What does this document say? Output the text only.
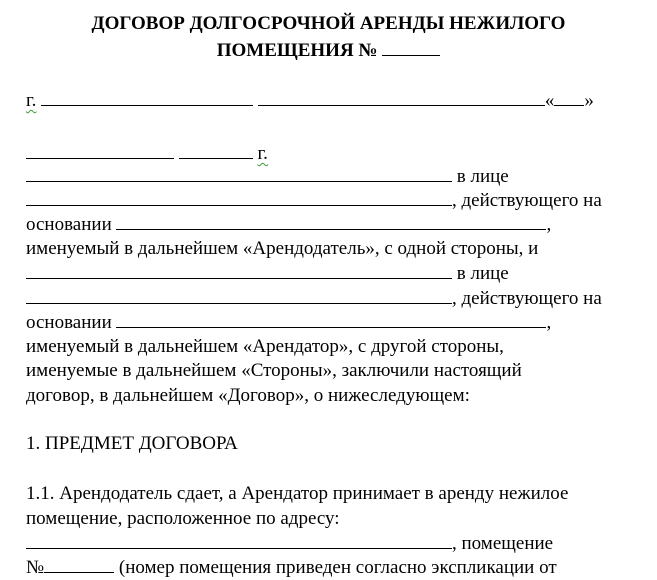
ДОГОВОР ДОЛГОСРОЧНОЙ АРЕНДЫ НЕЖИЛОГО
ПОМЕЩЕНИЯ №
г.	« »
г.
в лице
, действующего на
основании	,
именуемый в дальнейшем «Арендодатель», с одной стороны, и
в лице
, действующего на
основании	,
именуемый в дальнейшем «Арендатор», с другой стороны,
именуемые в дальнейшем «Стороны», заключили настоящий
договор, в дальнейшем «Договор», о нижеследующем:
1. ПРЕДМЕТ ДОГОВОРА
1.1. Арендодатель сдает, а Арендатор принимает в аренду нежилое
помещение, расположенное по адресу:
, помещение
№	(номер помещения приведен согласно экспликации от
